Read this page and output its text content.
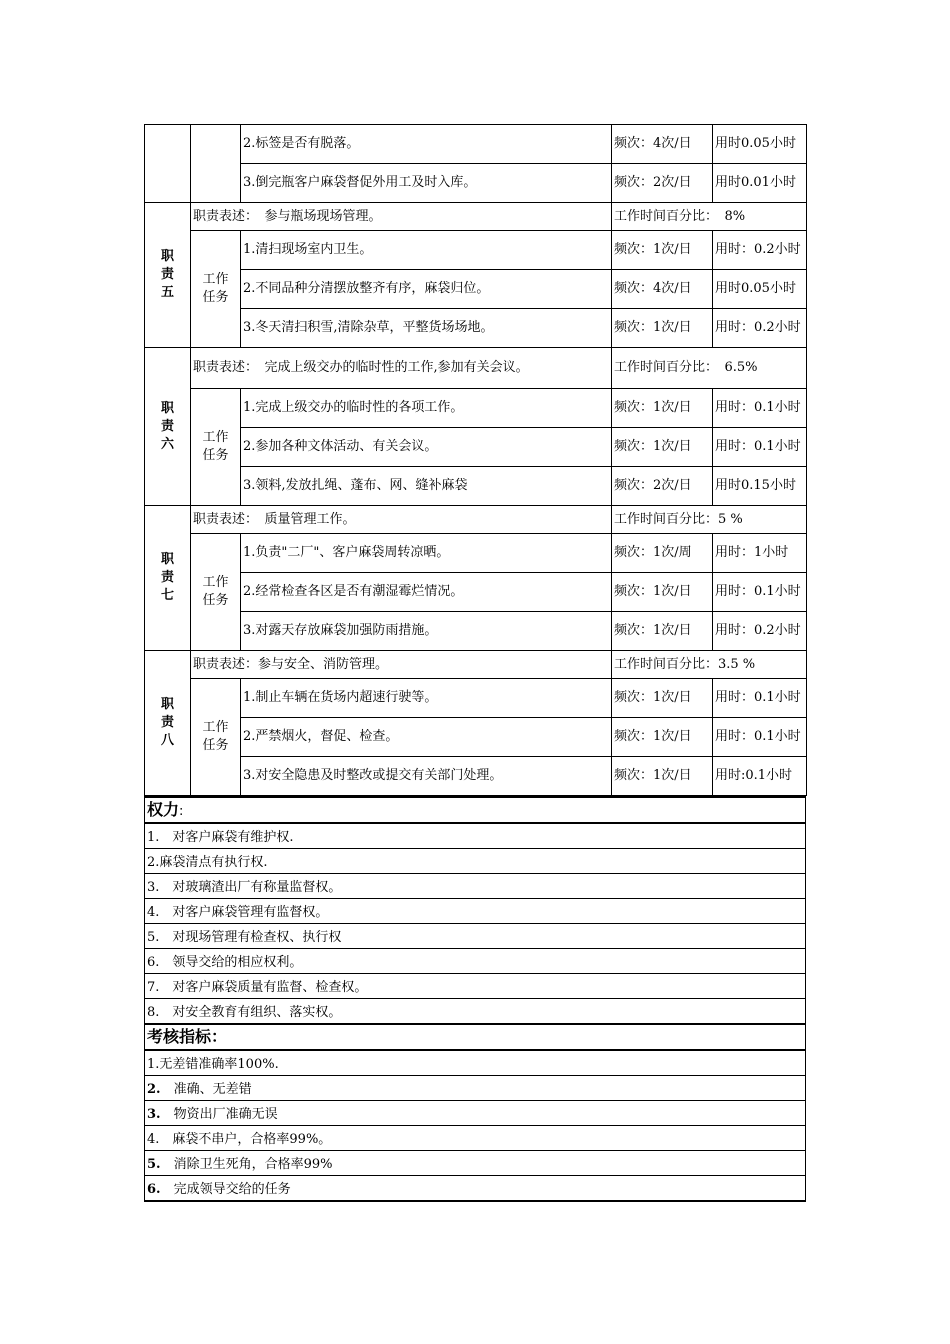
		2.标签是否有脱落。	频次：4次/日	用时0.05小时
		3.倒完瓶客户麻袋督促外用工及时入库。	频次：2次/日	用时0.01小时

职
责
五	职责表述：　参与瓶场现场管理。		工作时间百分比：　8%	

	工作
任务	1.清扫现场室内卫生。	频次：1次/日	用时：0.2小时
		2.不同品种分清摆放整齐有序，麻袋归位。	频次：4次/日	用时0.05小时
		3.冬天清扫积雪,清除杂草，平整货场场地。	频次：1次/日	用时：0.2小时

职
责
六	职责表述：　完成上级交办的临时性的工作,参加有关会议。		工作时间百分比：　6.5%	

	工作
任务	1.完成上级交办的临时性的各项工作。	频次：1次/日	用时：0.1小时
		2.参加各种文体活动、有关会议。	频次：1次/日	用时：0.1小时
		3.领料,发放扎绳、蓬布、网、缝补麻袋	频次：2次/日	用时0.15小时

职
责
七	职责表述：　质量管理工作。		工作时间百分比：5 %	

	工作
任务	1.负责"二厂"、客户麻袋周转凉晒。	频次：1次/周	用时：1小时
		2.经常检查各区是否有潮湿霉烂情况。	频次：1次/日	用时：0.1小时
		3.对露天存放麻袋加强防雨措施。	频次：1次/日	用时：0.2小时

职
责
八	职责表述：参与安全、消防管理。		工作时间百分比：3.5 %	

	工作
任务	1.制止车辆在货场内超速行驶等。	频次：1次/日	用时：0.1小时
		2.严禁烟火，督促、检查。	频次：1次/日	用时：0.1小时
		3.对安全隐患及时整改或提交有关部门处理。	频次：1次/日	用时:0.1小时
权力:
1.　对客户麻袋有维护权.
2.麻袋清点有执行权.
3.　对玻璃渣出厂有称量监督权。
4.　对客户麻袋管理有监督权。
5.　对现场管理有检查权、执行权
6.　领导交给的相应权利。
7.　对客户麻袋质量有监督、检查权。
8.　对安全教育有组织、落实权。
考核指标：
1.无差错准确率100%.
2.　准确、无差错
3.　物资出厂准确无误
4.　麻袋不串户，合格率99%。
5.　消除卫生死角，合格率99%
6.　完成领导交给的任务
